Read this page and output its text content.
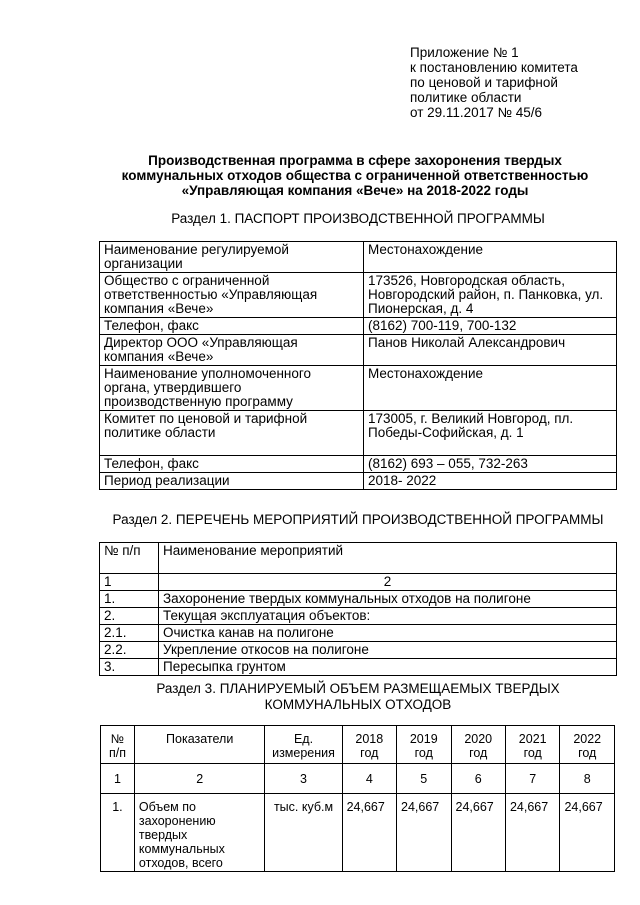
Приложение № 1
к постановлению комитета
по ценовой и тарифной
политике области
от 29.11.2017 № 45/6
Производственная программа в сфере захоронения твердых
коммунальных отходов общества с ограниченной ответственностью
«Управляющая компания «Вече» на 2018-2022 годы
Раздел 1. ПАСПОРТ ПРОИЗВОДСТВЕННОЙ ПРОГРАММЫ
Наименование регулируемой организации	Местонахождение
Общество с ограниченной ответственностью «Управляющая компания «Вече»	173526, Новгородская область, Новгородский район, п. Панковка, ул. Пионерская, д. 4
Телефон, факс	(8162) 700-119, 700-132
Директор ООО «Управляющая компания «Вече»	Панов Николай Александрович
Наименование уполномоченного органа, утвердившего производственную программу	Местонахождение
Комитет по ценовой и тарифной политике области	173005, г. Великий Новгород, пл. Победы-Софийская, д. 1
Телефон, факс	(8162) 693 – 055, 732-263
Период реализации	2018- 2022
Раздел 2. ПЕРЕЧЕНЬ МЕРОПРИЯТИЙ ПРОИЗВОДСТВЕННОЙ ПРОГРАММЫ
№ п/п	Наименование мероприятий
1	2
1.	Захоронение твердых коммунальных отходов на полигоне
2.	Текущая эксплуатация объектов:
2.1.	Очистка канав на полигоне
2.2.	Укрепление откосов на полигоне
3.	Пересыпка грунтом
Раздел 3. ПЛАНИРУЕМЫЙ ОБЪЕМ РАЗМЕЩАЕМЫХ ТВЕРДЫХ
КОММУНАЛЬНЫХ ОТХОДОВ
№ п/п	Показатели	Ед. измерения	2018 год	2019 год	2020 год	2021 год	2022 год
1	2	3	4	5	6	7	8
1.	Объем по захоронению твердых коммунальных отходов, всего	тыс. куб.м	24,667	24,667	24,667	24,667	24,667
